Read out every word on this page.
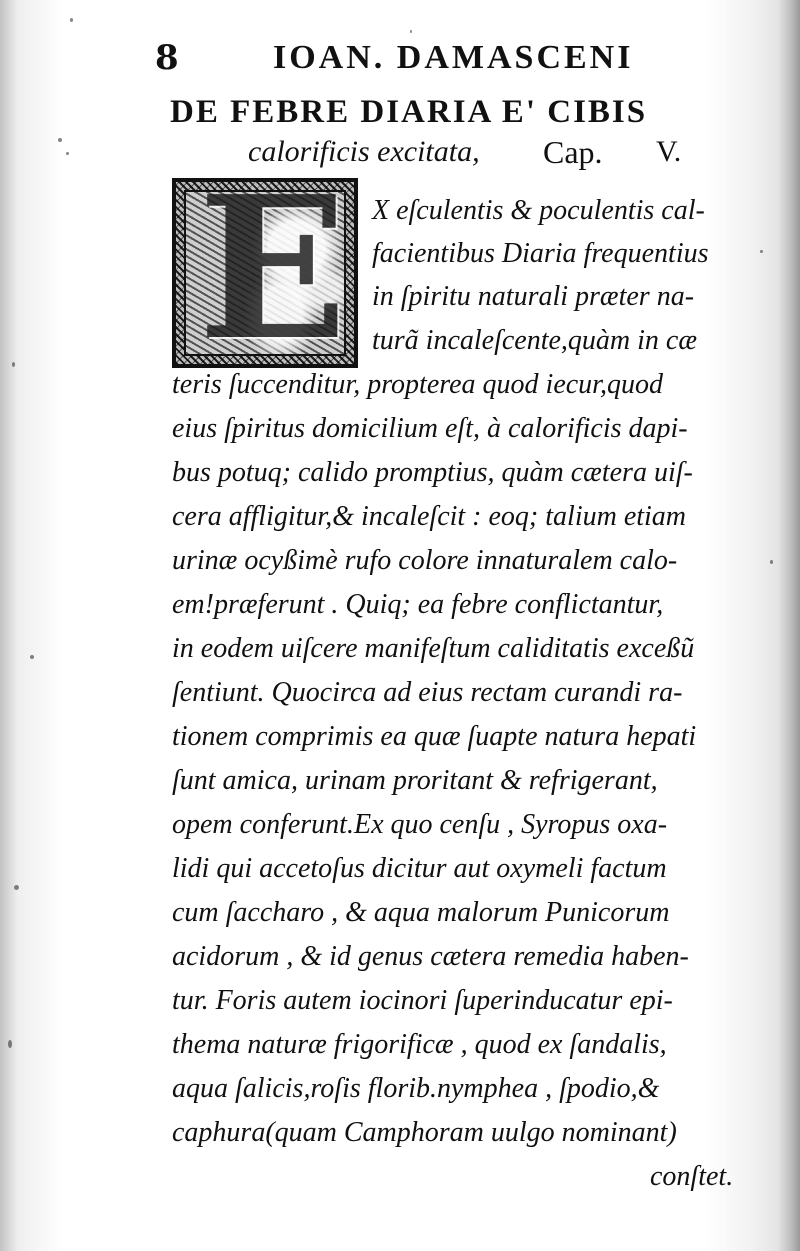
8	IOAN. DAMASCENI
DE FEBRE DIARIA E' CIBIS
calorificis excitata, Cap. V.
E X eſculentis & poculentis cal-
facientibus Diaria frequentius
in ſpiritu naturali præter na-
turã incaleſcente,quàm in cæ
teris ſuccenditur, propterea quod iecur,quod
eius ſpiritus domicilium eſt, à calorificis dapi-
bus potuq; calido promptius, quàm cætera uiſ-
cera affligitur,& incaleſcit : eoq; talium etiam
urinæ ocyßimè rufo colore innaturalem calo-
em!præferunt . Quiq; ea febre conflictantur,
in eodem uiſcere manifeſtum caliditatis exceßũ
ſentiunt. Quocirca ad eius rectam curandi ra-
tionem comprimis ea quæ ſuapte natura hepati
ſunt amica, urinam proritant & refrigerant,
opem conferunt.Ex quo cenſu , Syropus oxa-
lidi qui accetoſus dicitur aut oxymeli factum
cum ſaccharo , & aqua malorum Punicorum
acidorum , & id genus cætera remedia haben-
tur. Foris autem iocinori ſuperinducatur epi-
thema naturæ frigorificæ , quod ex ſandalis,
aqua ſalicis,roſis florib.nymphea , ſpodio,&
caphura(quam Camphoram uulgo nominant)
conſtet.
